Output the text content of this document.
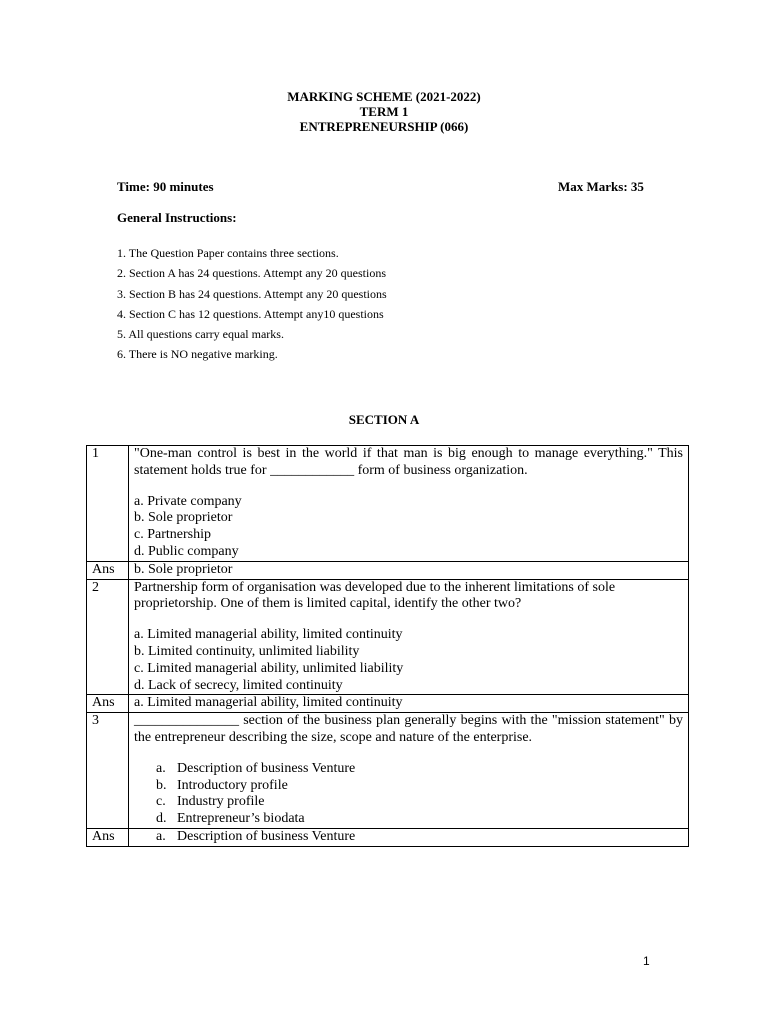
MARKING SCHEME (2021-2022)
TERM 1
ENTREPRENEURSHIP (066)
Time: 90 minutes	Max Marks: 35
General Instructions:
1. The Question Paper contains three sections.
2. Section A has 24 questions. Attempt any 20 questions
3. Section B has 24 questions. Attempt any 20 questions
4. Section C has 12 questions. Attempt any10 questions
5. All questions carry equal marks.
6. There is NO negative marking.
SECTION A
1	"One-man control is best in the world if that man is big enough to manage everything." This statement holds true for ____________ form of business organization.
a. Private company
b. Sole proprietor
c. Partnership
d. Public company

Ans	b. Sole proprietor
2	Partnership form of organisation was developed due to the inherent limitations of sole proprietorship. One of them is limited capital, identify the other two?
a. Limited managerial ability, limited continuity
b. Limited continuity, unlimited liability
c. Limited managerial ability, unlimited liability
d. Lack of secrecy, limited continuity

Ans	a. Limited managerial ability, limited continuity
3	_______________ section of the business plan generally begins with the "mission statement" by the entrepreneur describing the size, scope and nature of the enterprise.
a. Description of business Venture
b. Introductory profile
c. Industry profile
d. Entrepreneur’s biodata

Ans	a. Description of business Venture
1
